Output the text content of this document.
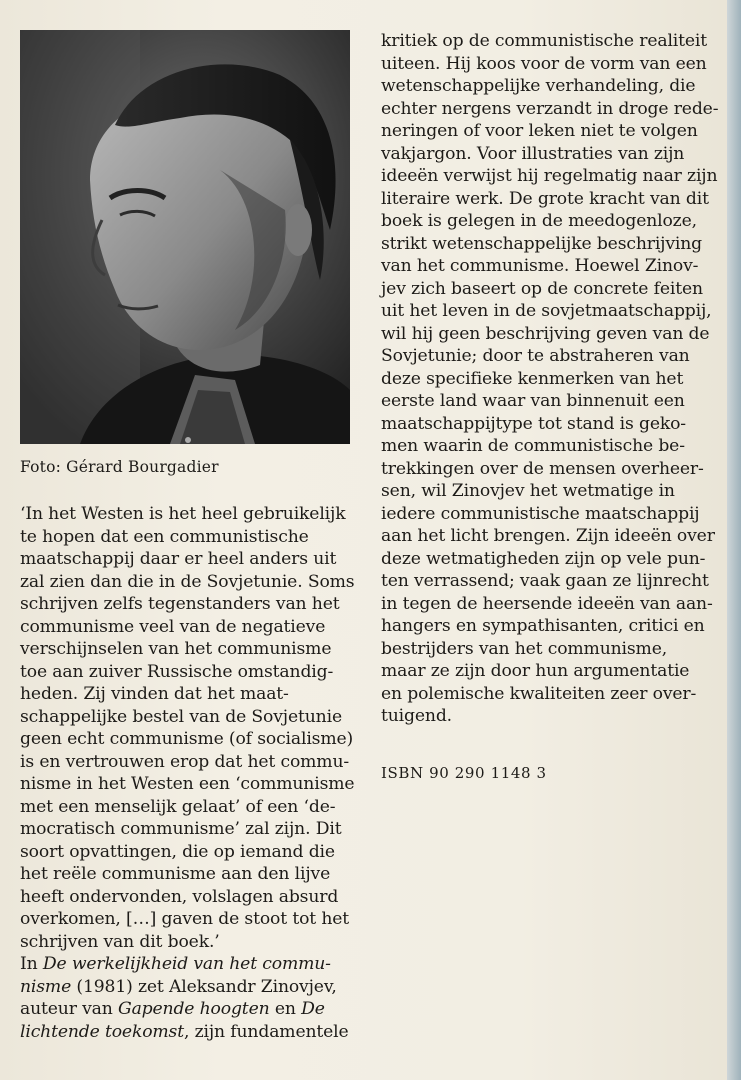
Foto: Gérard Bourgadier
‘In het Westen is het heel gebruikelijk
te hopen dat een communistische
maatschappij daar er heel anders uit
zal zien dan die in de Sovjetunie. Soms
schrijven zelfs tegenstanders van het
communisme veel van de negatieve
verschijnselen van het communisme
toe aan zuiver Russische omstandig-
heden. Zij vinden dat het maat-
schappelijke bestel van de Sovjetunie
geen echt communisme (of socialisme)
is en vertrouwen erop dat het commu-
nisme in het Westen een ‘communisme
met een menselijk gelaat’ of een ‘de-
mocratisch communisme’ zal zijn. Dit
soort opvattingen, die op iemand die
het reële communisme aan den lijve
heeft ondervonden, volslagen absurd
overkomen, […] gaven de stoot tot het
schrijven van dit boek.’
In De werkelijkheid van het commu-
nisme (1981) zet Aleksandr Zinovjev,
auteur van Gapende hoogten en De
lichtende toekomst, zijn fundamentele
kritiek op de communistische realiteit
uiteen. Hij koos voor de vorm van een
wetenschappelijke verhandeling, die
echter nergens verzandt in droge rede-
neringen of voor leken niet te volgen
vakjargon. Voor illustraties van zijn
ideeën verwijst hij regelmatig naar zijn
literaire werk. De grote kracht van dit
boek is gelegen in de meedogenloze,
strikt wetenschappelijke beschrijving
van het communisme. Hoewel Zinov-
jev zich baseert op de concrete feiten
uit het leven in de sovjetmaatschappij,
wil hij geen beschrijving geven van de
Sovjetunie; door te abstraheren van
deze specifieke kenmerken van het
eerste land waar van binnenuit een
maatschappijtype tot stand is geko-
men waarin de communistische be-
trekkingen over de mensen overheer-
sen, wil Zinovjev het wetmatige in
iedere communistische maatschappij
aan het licht brengen. Zijn ideeën over
deze wetmatigheden zijn op vele pun-
ten verrassend; vaak gaan ze lijnrecht
in tegen de heersende ideeën van aan-
hangers en sympathisanten, critici en
bestrijders van het communisme,
maar ze zijn door hun argumentatie
en polemische kwaliteiten zeer over-
tuigend.
ISBN 90 290 1148 3
